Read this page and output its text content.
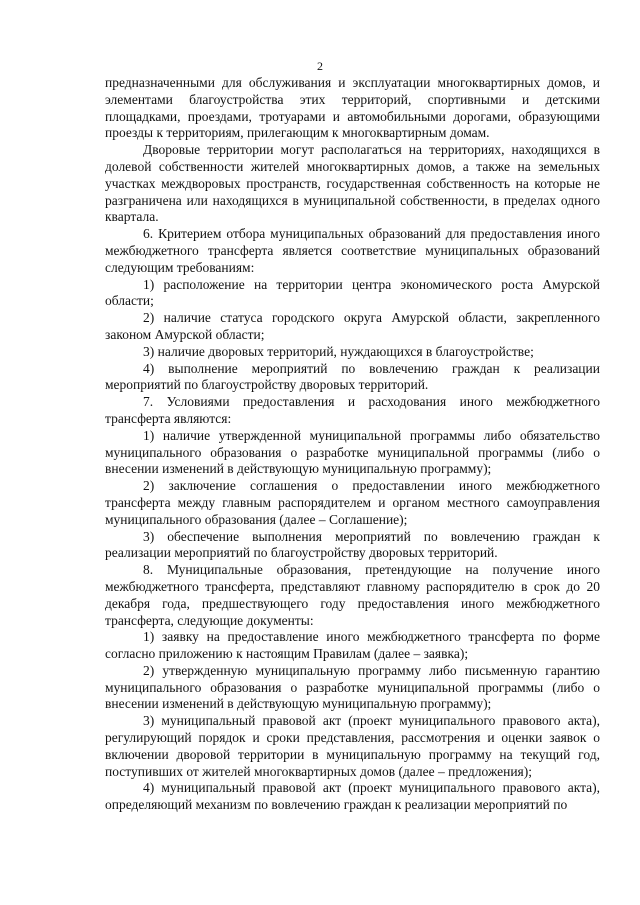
2

предназначенными для обслуживания и эксплуатации многоквартирных домов, и элементами благоустройства этих территорий, спортивными и детскими площадками, проездами, тротуарами и автомобильными дорогами, образующими проезды к территориям, прилегающим к многоквартирным домам.

Дворовые территории могут располагаться на территориях, находящихся в долевой собственности жителей многоквартирных домов, а также на земельных участках междворовых пространств, государственная собственность на которые не разграничена или находящихся в муниципальной собственности, в пределах одного квартала.

6. Критерием отбора муниципальных образований для предоставления иного межбюджетного трансферта является соответствие муниципальных образований следующим требованиям:

1) расположение на территории центра экономического роста Амурской области;

2) наличие статуса городского округа Амурской области, закрепленного законом Амурской области;

3) наличие дворовых территорий, нуждающихся в благоустройстве;

4) выполнение мероприятий по вовлечению граждан к реализации мероприятий по благоустройству дворовых территорий.

7. Условиями предоставления и расходования иного межбюджетного трансферта являются:

1) наличие утвержденной муниципальной программы либо обязательство муниципального образования о разработке муниципальной программы (либо о внесении изменений в действующую муниципальную программу);

2) заключение соглашения о предоставлении иного межбюджетного трансферта между главным распорядителем и органом местного самоуправления муниципального образования (далее – Соглашение);

3) обеспечение выполнения мероприятий по вовлечению граждан к реализации мероприятий по благоустройству дворовых территорий.

8. Муниципальные образования, претендующие на получение иного межбюджетного трансферта, представляют главному распорядителю в срок до 20 декабря года, предшествующего году предоставления иного межбюджетного трансферта, следующие документы:

1) заявку на предоставление иного межбюджетного трансферта по форме согласно приложению к настоящим Правилам (далее – заявка);

2) утвержденную муниципальную программу либо письменную гарантию муниципального образования о разработке муниципальной программы (либо о внесении изменений в действующую муниципальную программу);

3) муниципальный правовой акт (проект муниципального правового акта), регулирующий порядок и сроки представления, рассмотрения и оценки заявок о включении дворовой территории в муниципальную программу на текущий год, поступивших от жителей многоквартирных домов (далее – предложения);

4) муниципальный правовой акт (проект муниципального правового акта), определяющий механизм по вовлечению граждан к реализации мероприятий по
